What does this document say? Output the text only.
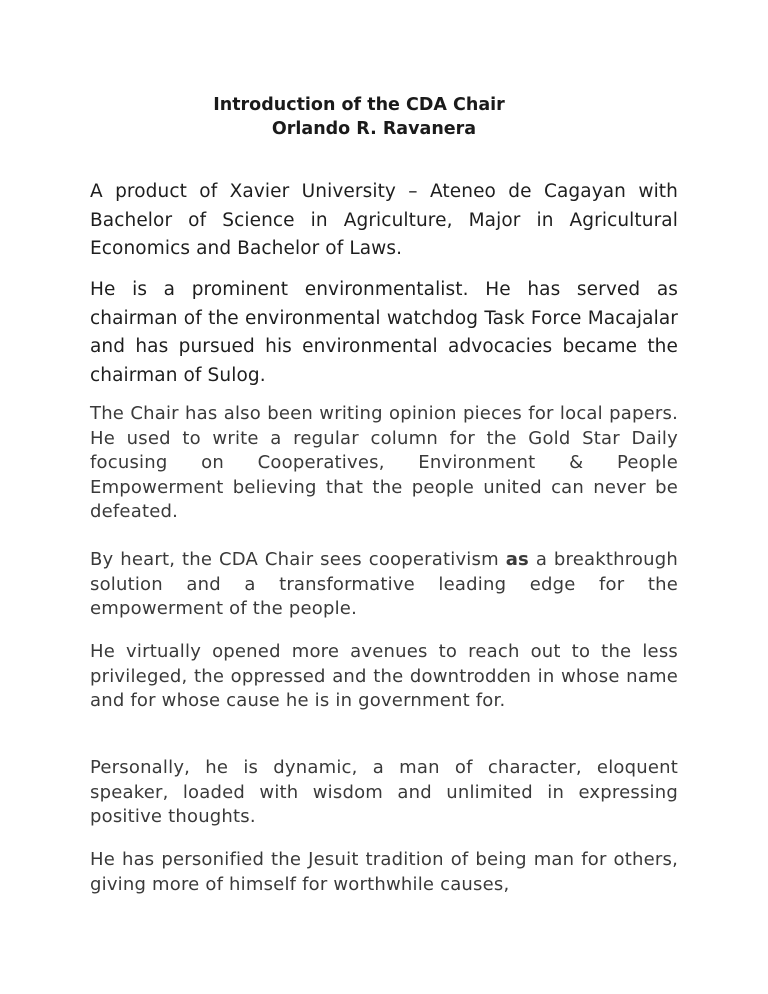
Introduction of the CDA Chair
Orlando R. Ravanera

A product of Xavier University – Ateneo de Cagayan with Bachelor of Science in Agriculture, Major in Agricultural Economics and Bachelor of Laws.

He is a prominent environmentalist. He has served as chairman of the environmental watchdog Task Force Macajalar and has pursued his environmental advocacies became the chairman of Sulog.

The Chair has also been writing opinion pieces for local papers. He used to write a regular column for the Gold Star Daily focusing on Cooperatives, Environment & People Empowerment believing that the people united can never be defeated.

By heart, the CDA Chair sees cooperativism as a breakthrough solution and a transformative leading edge for the empowerment of the people.

He virtually opened more avenues to reach out to the less privileged, the oppressed and the downtrodden in whose name and for whose cause he is in government for.

Personally, he is dynamic, a man of character, eloquent speaker, loaded with wisdom and unlimited in expressing positive thoughts.

He has personified the Jesuit tradition of being man for others, giving more of himself for worthwhile causes,
